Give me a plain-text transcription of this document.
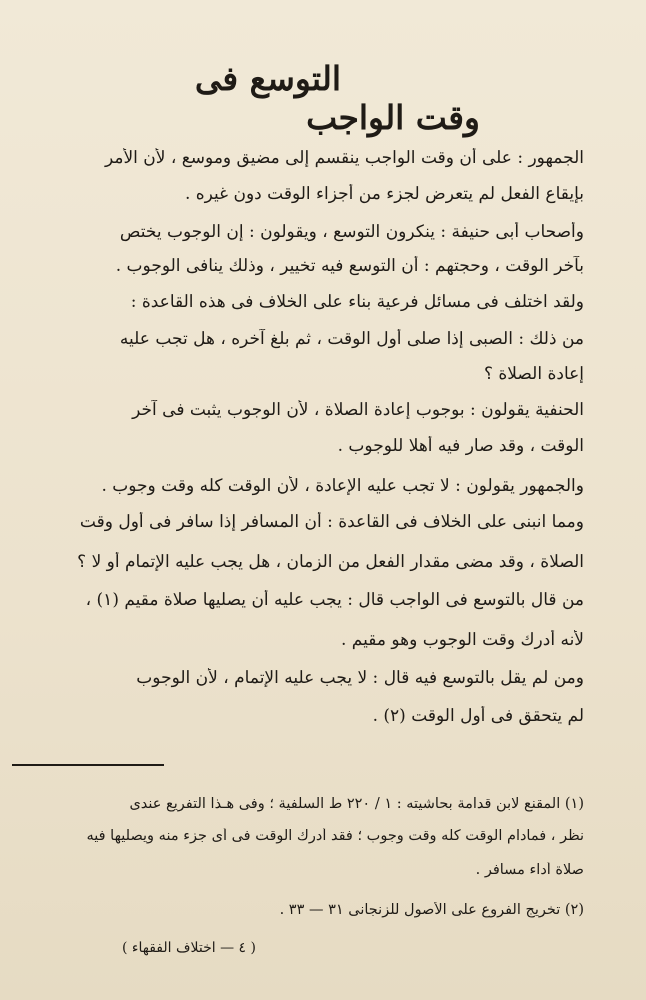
التوسع فى
وقت الواجب
الجمهور : على أن وقت الواجب ينقسم إلى مضيق وموسع ، لأن الأمر
بإيقاع الفعل لم يتعرض لجزء من أجزاء الوقت دون غيره .
وأصحاب أبى حنيفة : ينكرون التوسع ، ويقولون : إن الوجوب يختص
بآخر الوقت ، وحجتهم : أن التوسع فيه تخيير ، وذلك ينافى الوجوب .
ولقد اختلف فى مسائل فرعية بناء على الخلاف فى هذه القاعدة :
من ذلك : الصبى إذا صلى أول الوقت ، ثم بلغ آخره ، هل تجب عليه
إعادة الصلاة ؟
الحنفية يقولون : بوجوب إعادة الصلاة ، لأن الوجوب يثبت فى آخر
الوقت ، وقد صار فيه أهلا للوجوب .
والجمهور يقولون : لا تجب عليه الإعادة ، لأن الوقت كله وقت وجوب .
ومما انبنى على الخلاف فى القاعدة : أن المسافر إذا سافر فى أول وقت
الصلاة ، وقد مضى مقدار الفعل من الزمان ، هل يجب عليه الإتمام أو لا ؟
من قال بالتوسع فى الواجب قال : يجب عليه أن يصليها صلاة مقيم (١) ،
لأنه أدرك وقت الوجوب وهو مقيم .
ومن لم يقل بالتوسع فيه قال : لا يجب عليه الإتمام ، لأن الوجوب
لم يتحقق فى أول الوقت (٢) .
(١) المقنع لابن قدامة بحاشيته : ١ / ٢٢٠ ط السلفية ؛ وفى هـذا التفريع عندى
نظر ، فمادام الوقت كله وقت وجوب ؛ فقد أدرك الوقت فى أى جزء منه ويصليها فيه
صلاة أداء مسافر .
(٢) تخريج الفروع على الأصول للزنجانى ٣١ — ٣٣ .
( ٤ — اختلاف الفقهاء )
